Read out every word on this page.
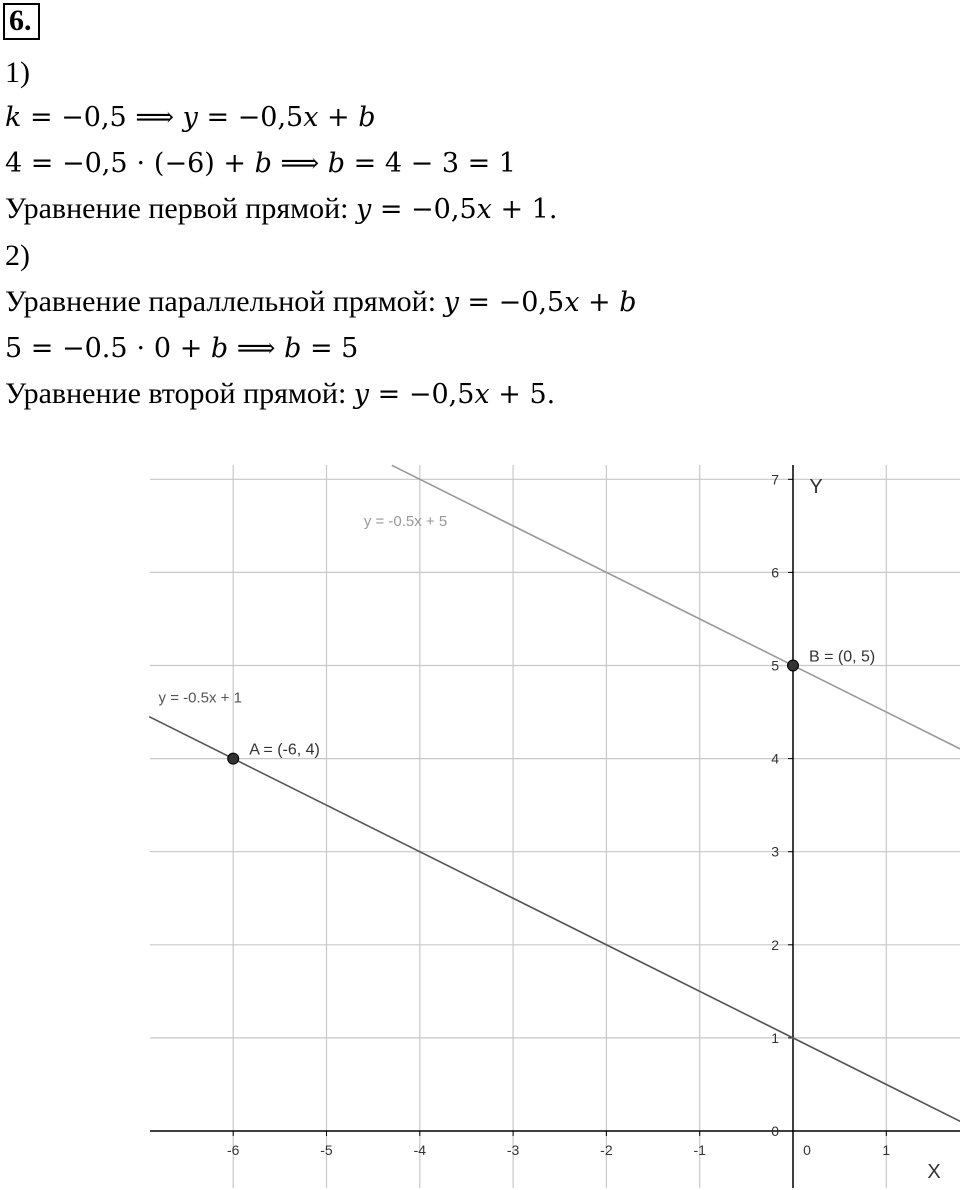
6.
1)
k = −0,5 ⟹ y = −0,5x + b
4 = −0,5 ⋅ (−6) + b ⟹ b = 4 − 3 = 1
Уравнение первой прямой: y = −0,5x + 1.
2)
Уравнение параллельной прямой: y = −0,5x + b
5 = −0.5 ⋅ 0 + b ⟹ b = 5
Уравнение второй прямой: y = −0,5x + 5.
-6	-5	-4	-3	-2	-1	0	1
0
1
2
3
4
5
6
7
X
Y
y = -0.5x + 1
y = -0.5x + 5
A = (-6, 4)
B = (0, 5)
